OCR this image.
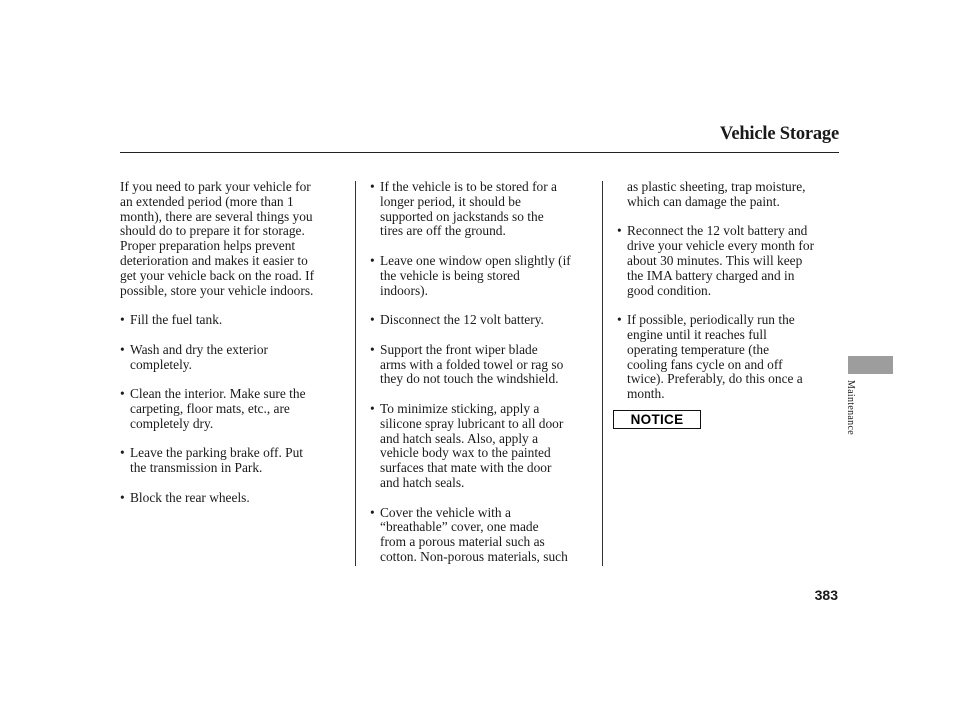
Vehicle Storage

If you need to park your vehicle for
an extended period (more than 1
month), there are several things you
should do to prepare it for storage.
Proper preparation helps prevent
deterioration and makes it easier to
get your vehicle back on the road. If
possible, store your vehicle indoors.

• Fill the fuel tank.

• Wash and dry the exterior
completely.

• Clean the interior. Make sure the
carpeting, floor mats, etc., are
completely dry.

• Leave the parking brake off. Put
the transmission in Park.

• Block the rear wheels.

• If the vehicle is to be stored for a
longer period, it should be
supported on jackstands so the
tires are off the ground.

• Leave one window open slightly (if
the vehicle is being stored
indoors).

• Disconnect the 12 volt battery.

• Support the front wiper blade
arms with a folded towel or rag so
they do not touch the windshield.

• To minimize sticking, apply a
silicone spray lubricant to all door
and hatch seals. Also, apply a
vehicle body wax to the painted
surfaces that mate with the door
and hatch seals.

• Cover the vehicle with a
“breathable” cover, one made
from a porous material such as
cotton. Non-porous materials, such

as plastic sheeting, trap moisture,
which can damage the paint.

• Reconnect the 12 volt battery and
drive your vehicle every month for
about 30 minutes. This will keep
the IMA battery charged and in
good condition.

• If possible, periodically run the
engine until it reaches full
operating temperature (the
cooling fans cycle on and off
twice). Preferably, do this once a
month.

NOTICE	Maintenance
383
